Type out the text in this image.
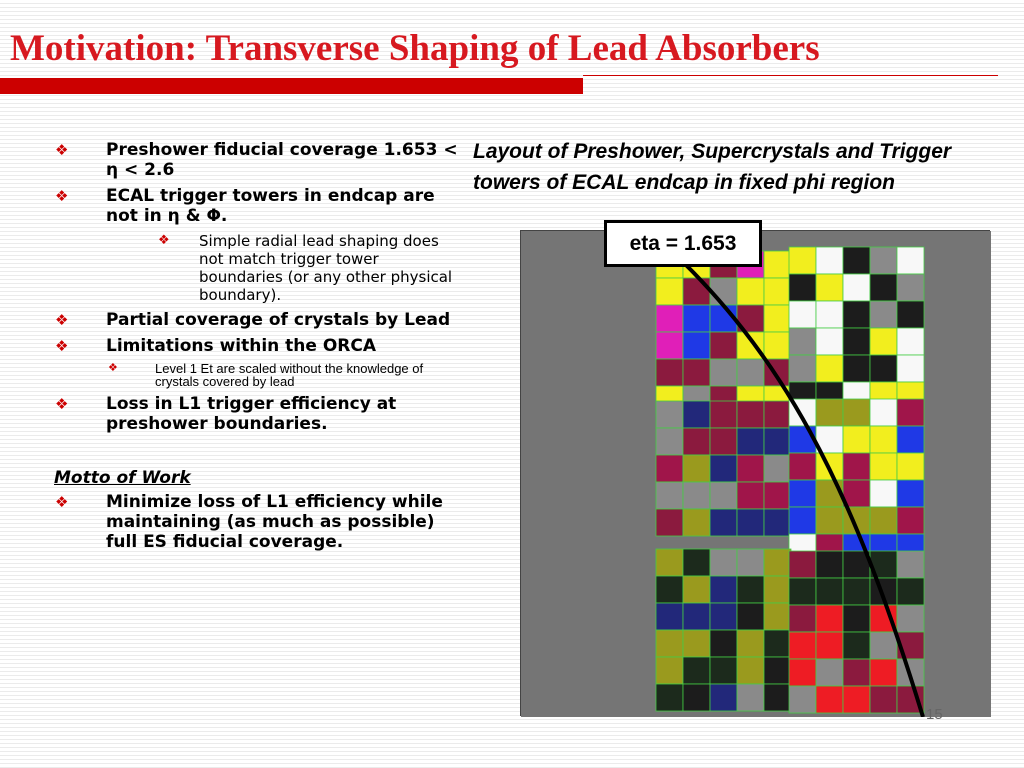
Motivation: Transverse Shaping of Lead Absorbers
❖ Preshower fiducial coverage 1.653 < η < 2.6
❖ ECAL trigger towers in endcap are not in η & Φ.
❖ Simple radial lead shaping does not match trigger tower boundaries (or any other physical boundary).
❖ Partial coverage of crystals by Lead
❖ Limitations within the ORCA
❖	Level 1 Et are scaled without the knowledge of crystals covered by lead
❖ Loss in L1 trigger efficiency at preshower boundaries.
Motto of Work
❖ Minimize loss of L1 efficiency while maintaining (as much as possible) full ES fiducial coverage.
Layout of Preshower, Supercrystals and Trigger towers of ECAL endcap in fixed phi region
eta = 1.653
15
